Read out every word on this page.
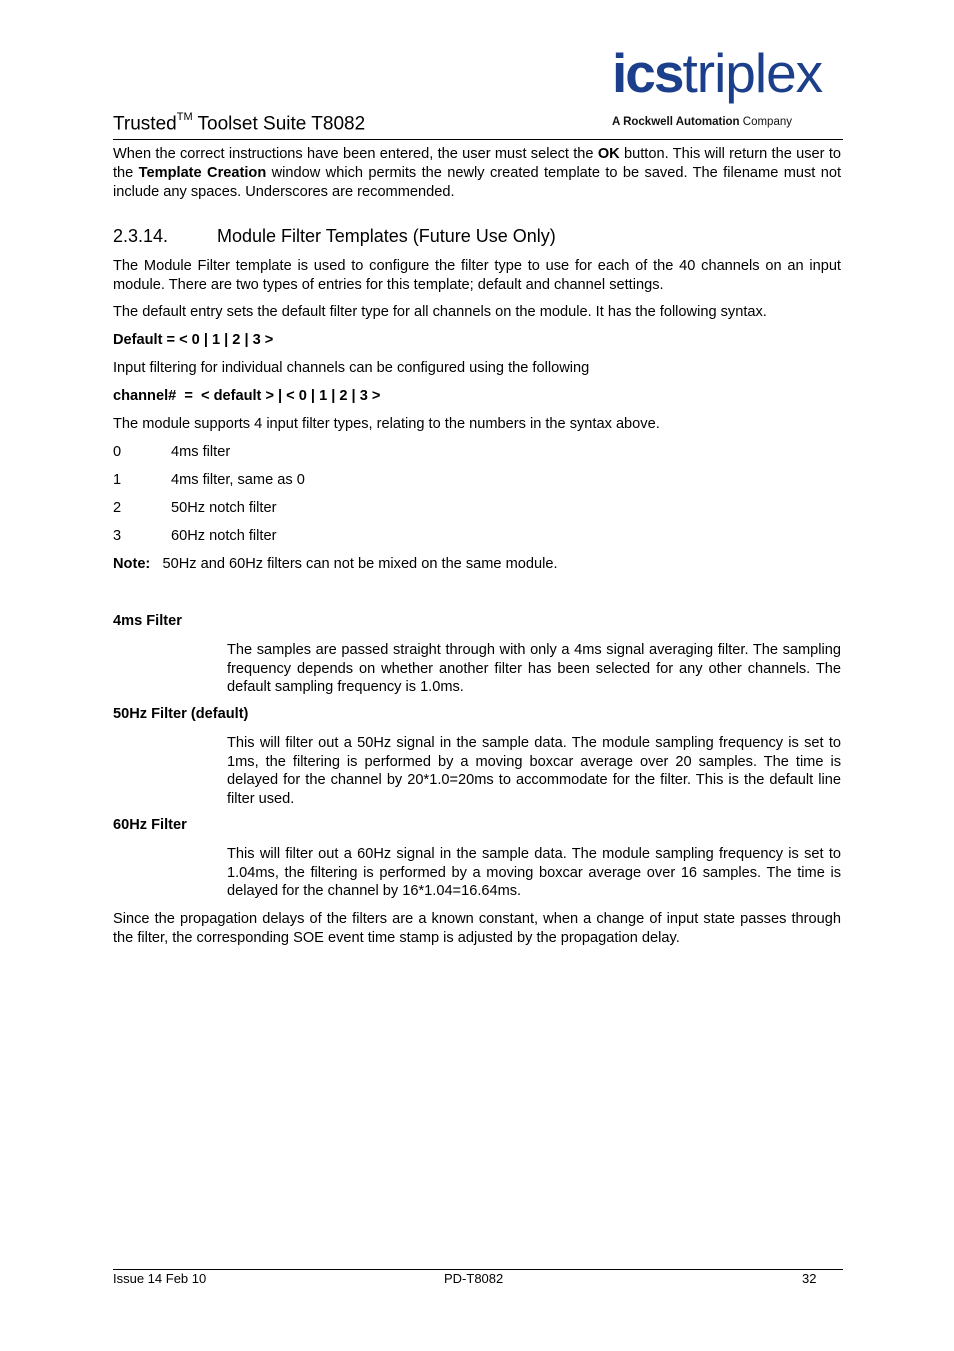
Trusted™ Toolset Suite T8082
icstriplex
A Rockwell Automation Company
When the correct instructions have been entered, the user must select the OK button. This will return the user to the Template Creation window which permits the newly created template to be saved. The filename must not include any spaces. Underscores are recommended.
2.3.14.	Module Filter Templates (Future Use Only)
The Module Filter template is used to configure the filter type to use for each of the 40 channels on an input module. There are two types of entries for this template; default and channel settings.
The default entry sets the default filter type for all channels on the module. It has the following syntax.
Default = < 0 | 1 | 2 | 3 >
Input filtering for individual channels can be configured using the following
channel#  =  < default > | < 0 | 1 | 2 | 3 >
The module supports 4 input filter types, relating to the numbers in the syntax above.
0	4ms filter
1	4ms filter, same as 0
2	50Hz notch filter
3	60Hz notch filter
Note:   50Hz and 60Hz filters can not be mixed on the same module.
4ms Filter
The samples are passed straight through with only a 4ms signal averaging filter. The sampling frequency depends on whether another filter has been selected for any other channels. The default sampling frequency is 1.0ms.
50Hz Filter (default)
This will filter out a 50Hz signal in the sample data. The module sampling frequency is set to 1ms, the filtering is performed by a moving boxcar average over 20 samples. The time is delayed for the channel by 20*1.0=20ms to accommodate for the filter. This is the default line filter used.
60Hz Filter
This will filter out a 60Hz signal in the sample data. The module sampling frequency is set to 1.04ms, the filtering is performed by a moving boxcar average over 16 samples. The time is delayed for the channel by 16*1.04=16.64ms.
Since the propagation delays of the filters are a known constant, when a change of input state passes through the filter, the corresponding SOE event time stamp is adjusted by the propagation delay.
Issue 14 Feb 10	PD-T8082	32
